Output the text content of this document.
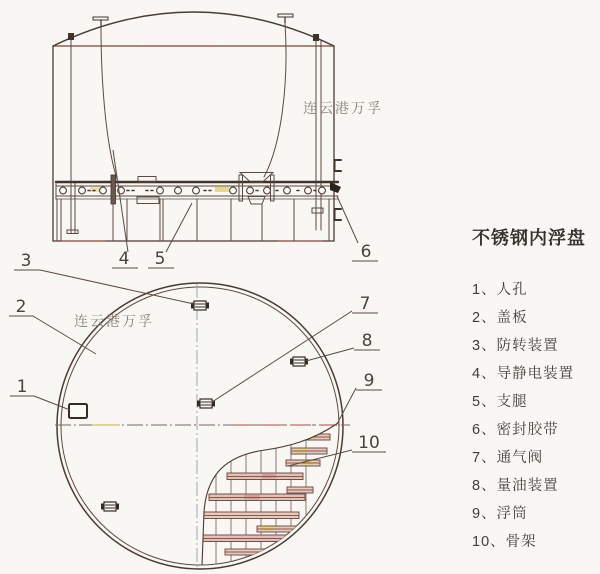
3	4 5	6
2
1
7
8
9
10
连云港万孚
连云港万孚
不锈钢内浮盘
1、人孔
2、盖板
3、防转装置
4、导静电装置
5、支腿
6、密封胶带
7、通气阀
8、量油装置
9、浮筒
10、骨架
